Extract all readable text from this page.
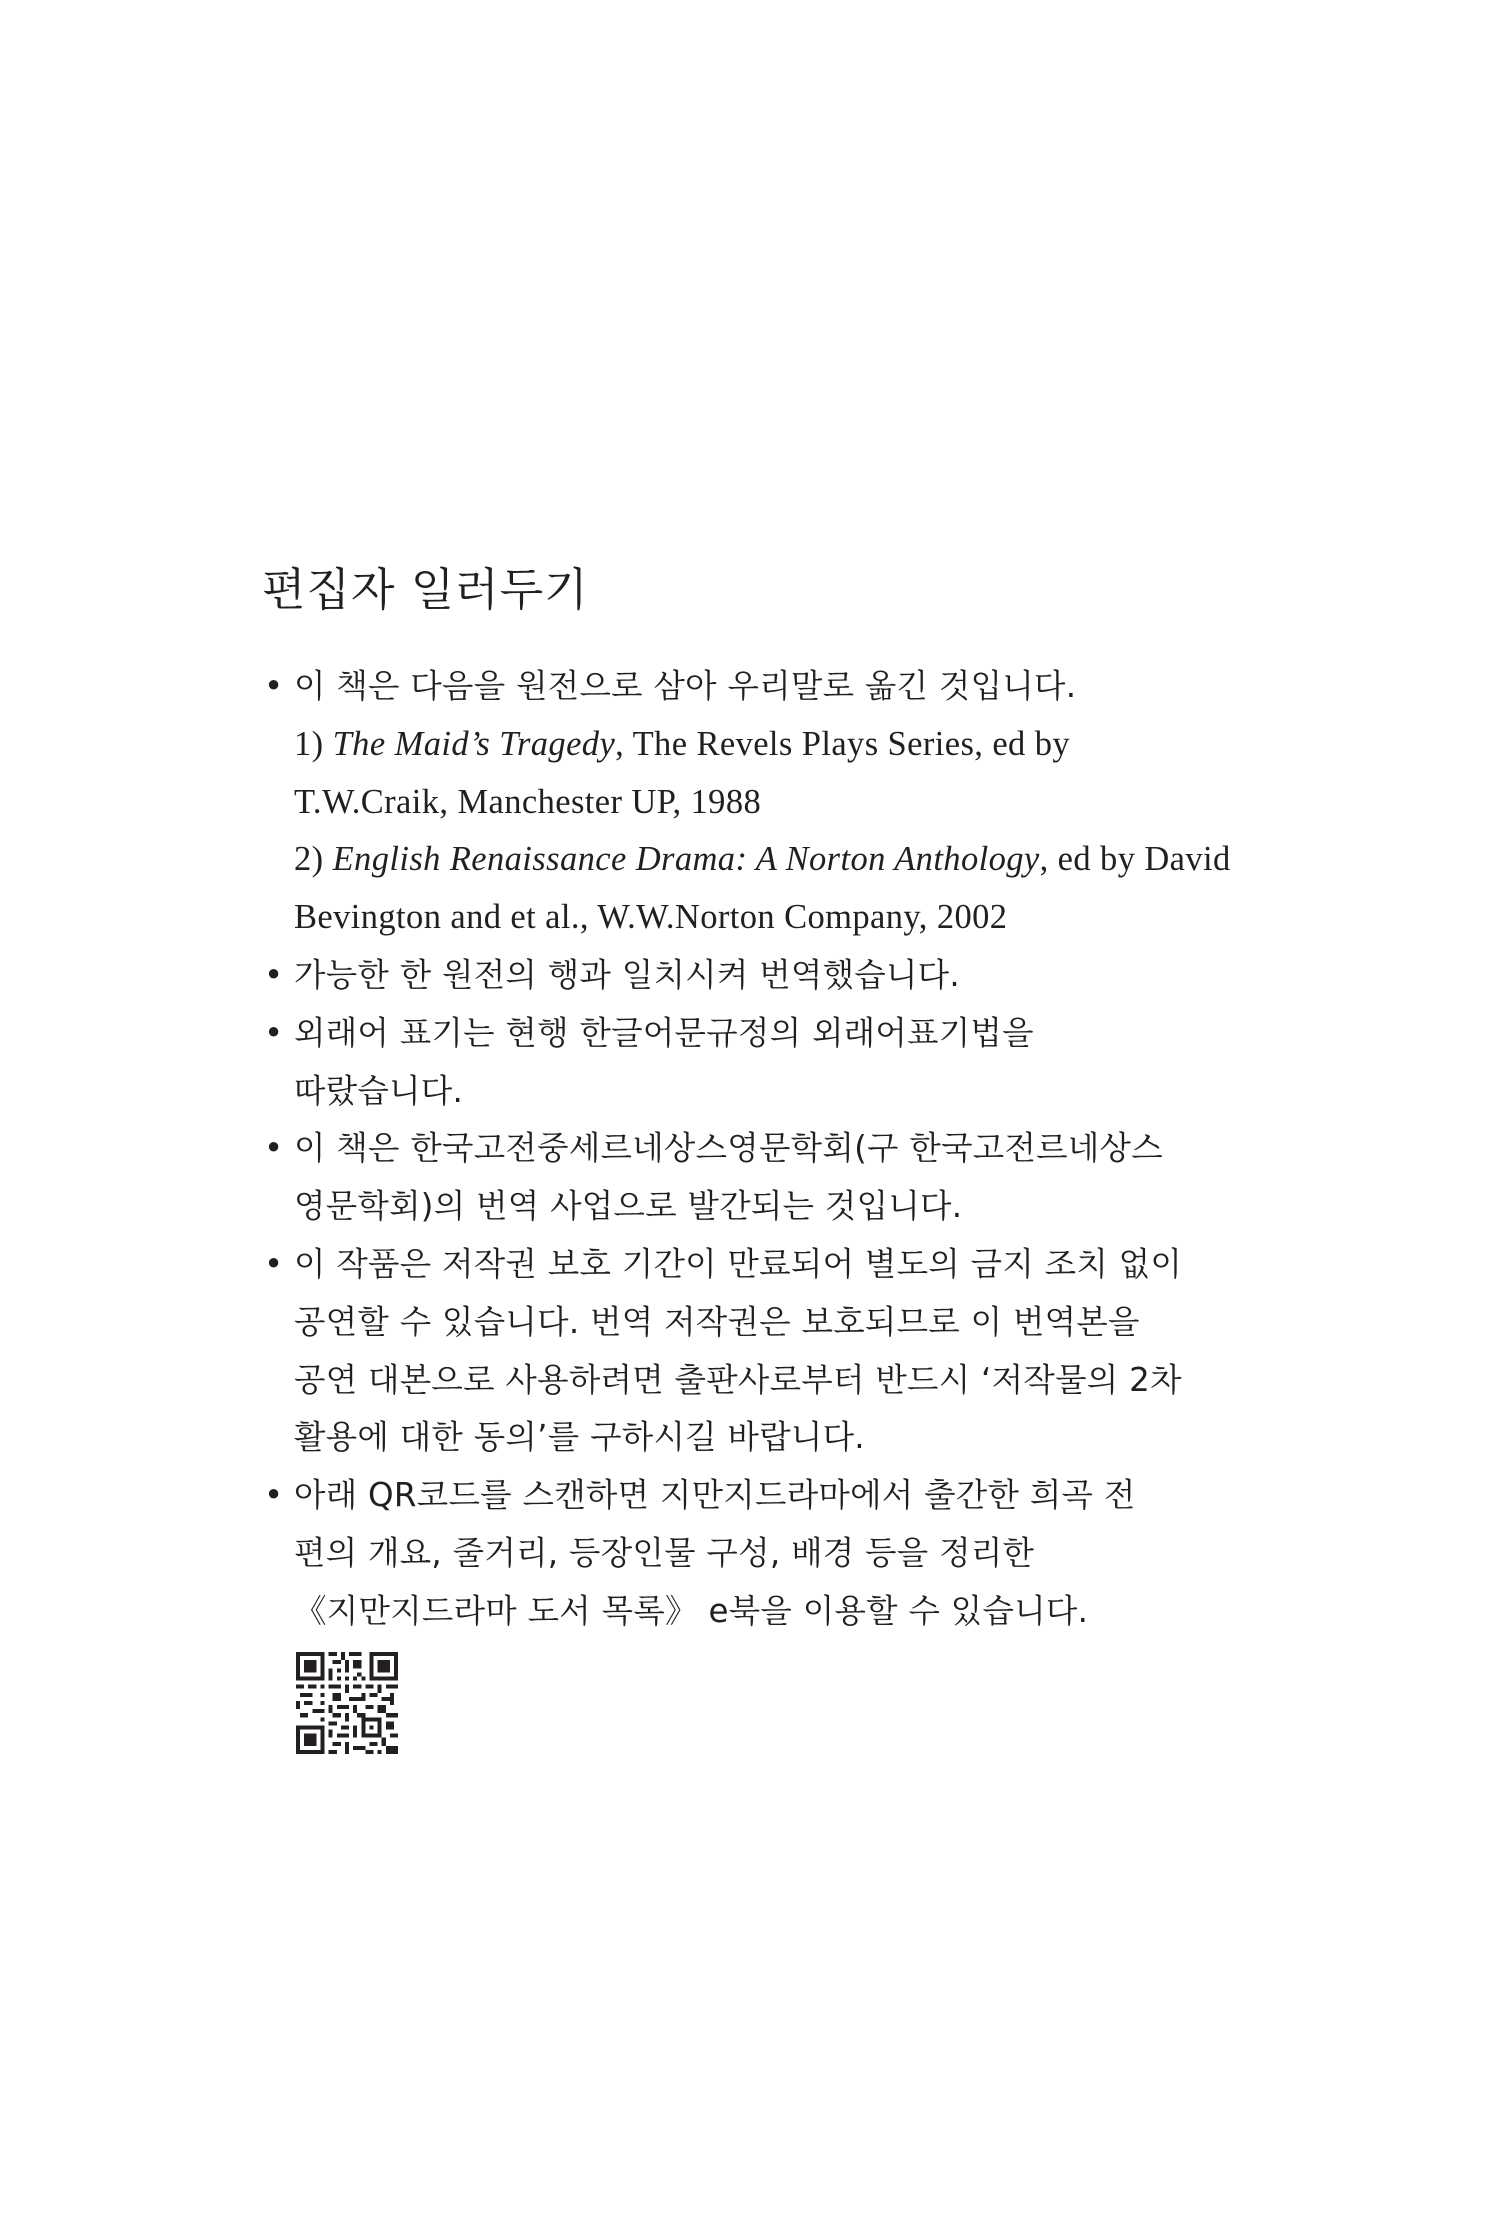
편집자 일러두기
• 이 책은 다음을 원전으로 삼아 우리말로 옮긴 것입니다.
1) The Maid’s Tragedy, The Revels Plays Series, ed by
T.W.Craik, Manchester UP, 1988
2) English Renaissance Drama: A Norton Anthology, ed by David
Bevington and et al., W.W.Norton Company, 2002
• 가능한 한 원전의 행과 일치시켜 번역했습니다.
• 외래어 표기는 현행 한글어문규정의 외래어표기법을
따랐습니다.
• 이 책은 한국고전중세르네상스영문학회(구 한국고전르네상스
영문학회)의 번역 사업으로 발간되는 것입니다.
• 이 작품은 저작권 보호 기간이 만료되어 별도의 금지 조치 없이
공연할 수 있습니다. 번역 저작권은 보호되므로 이 번역본을
공연 대본으로 사용하려면 출판사로부터 반드시 ‘저작물의 2차
활용에 대한 동의’를 구하시길 바랍니다.
• 아래 QR코드를 스캔하면 지만지드라마에서 출간한 희곡 전
편의 개요, 줄거리, 등장인물 구성, 배경 등을 정리한
《지만지드라마 도서 목록》 e북을 이용할 수 있습니다.
